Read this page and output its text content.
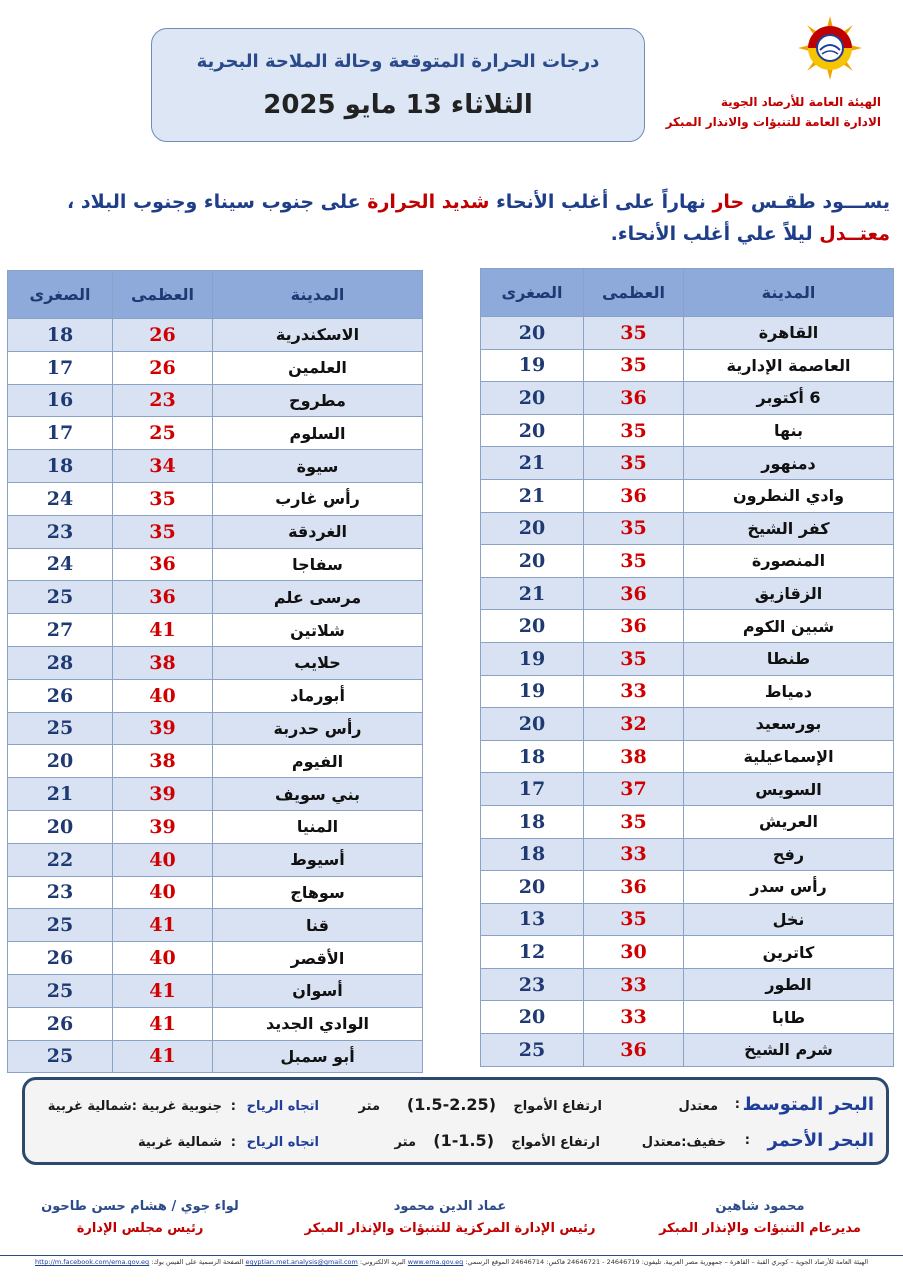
الهيئة العامة للأرصاد الجوية
الادارة العامة للتنبؤات والانذار المبكر
درجات الحرارة المتوقعة وحالة الملاحة البحرية
الثلاثاء 13 مايو 2025
يســـود طقـس حار نهاراً على أغلب الأنحاء شديد الحرارة على جنوب سيناء وجنوب البلاد ،
معتــدل ليلاً علي أغلب الأنحاء.
المدينة	العظمى	الصغرى
القاهرة	35	20
العاصمة الإدارية	35	19
6 أكتوبر	36	20
بنها	35	20
دمنهور	35	21
وادي النطرون	36	21
كفر الشيخ	35	20
المنصورة	35	20
الزقازيق	36	21
شبين الكوم	36	20
طنطا	35	19
دمياط	33	19
بورسعيد	32	20
الإسماعيلية	38	18
السويس	37	17
العريش	35	18
رفح	33	18
رأس سدر	36	20
نخل	35	13
كاترين	30	12
الطور	33	23
طابا	33	20
شرم الشيخ	36	25
المدينة	العظمى	الصغرى
الاسكندرية	26	18
العلمين	26	17
مطروح	23	16
السلوم	25	17
سيوة	34	18
رأس غارب	35	24
الغردقة	35	23
سفاجا	36	24
مرسى علم	36	25
شلاتين	41	27
حلايب	38	28
أبورماد	40	26
رأس حدربة	39	25
الفيوم	38	20
بني سويف	39	21
المنيا	39	20
أسيوط	40	22
سوهاج	40	23
قنا	41	25
الأقصر	40	26
أسوان	41	25
الوادي الجديد	41	26
أبو سمبل	41	25
البحر المتوسط
:
معتدل
ارتفاع الأمواج
(1.5-2.25)
متر
اتجاه الرياح
:
جنوبية غربية :شمالية غربية
البحر الأحمر
:
خفيف:معتدل
ارتفاع الأمواج
(1-1.5)
متر
اتجاه الرياح
:
شمالية غربية
محمود شاهين
مديرعام التنبؤات والإنذار المبكر
عماد الدين محمود
رئيس الإدارة المركزية للتنبؤات والإنذار المبكر
لواء جوي / هشام حسن طاحون
رئيس مجلس الإدارة
الهيئة العامة للأرصاد الجوية – كوبري القبة – القاهرة – جمهورية مصر العربية. تليفون: 24646719 - 24646721 فاكس: 24646714 الموقع الرسمي: www.ema.gov.eg البريد الالكتروني: egyptian.met.analysis@gmail.com الصفحة الرسمية على الفيس بوك: http://m.facebook.com/ema.gov.eg
